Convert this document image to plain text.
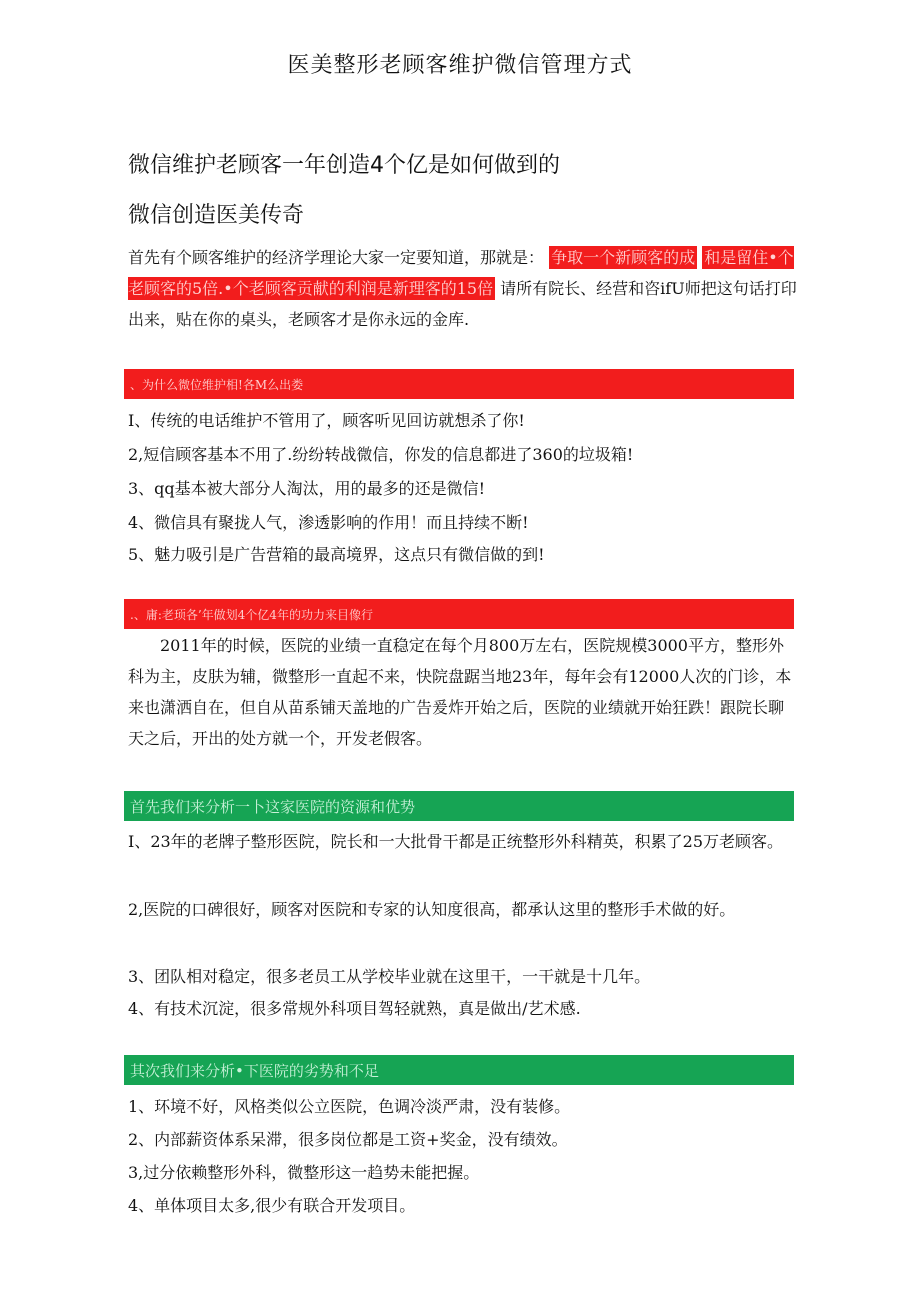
医美整形老顾客维护微信管理方式
微信维护老顾客一年创造4个亿是如何做到的
微信创造医美传奇
首先有个顾客维护的经济学理论大家一定要知道，那就是： 争取一个新顾客的成 和是留住•个老顾客的5倍.•个老顾客贡献的利润是新理客的15倍 请所有院长、经营和咨ifU师把这句话打印出来，贴在你的桌头，老顾客才是你永远的金库.
、为什么微位维护相!各M么出娄
I、传统的电话维护不管用了，顾客听见回访就想杀了你!
2,短信顾客基本不用了.纷纷转战微信，你发的信息都进了360的垃圾箱!
3、qq基本被大部分人淘汰，用的最多的还是微信!
4、微信具有聚拢人气，渗透影响的作用！而且持续不断!
5、魅力吸引是广告营箱的最高境界，这点只有微信做的到!
.、庸:老顼各’年做划4个亿4年的功力来目像行
2011年的时候，医院的业绩一直稳定在每个月800万左右，医院规模3000平方，整形外科为主，皮肤为辅，微整形一直起不来，快院盘踞当地23年，每年会有12000人次的门诊，本来也潇洒自在，但自从苗系铺天盖地的广告爰炸开始之后，医院的业绩就开始狂跌！跟院长聊天之后，开出的处方就一个，开发老假客。
首先我们来分析一卜这家医院的资源和优势
I、23年的老牌子整形医院，院长和一大批骨干都是正统整形外科精英，积累了25万老顾客。
2,医院的口碑很好，顾客对医院和专家的认知度很高，都承认这里的整形手术做的好。
3、团队相对稳定，很多老员工从学校毕业就在这里干，一干就是十几年。
4、有技术沉淀，很多常规外科项目驾轻就熟，真是做出/艺术感.
其次我们来分析•下医院的劣势和不足
1、环境不好，风格类似公立医院，色调冷淡严肃，没有装修。
2、内部薪资体系呆滞，很多岗位都是工资+奖金，没有绩效。
3,过分依赖整形外科，微整形这一趋势未能把握。
4、单体项目太多,很少有联合开发项目。
